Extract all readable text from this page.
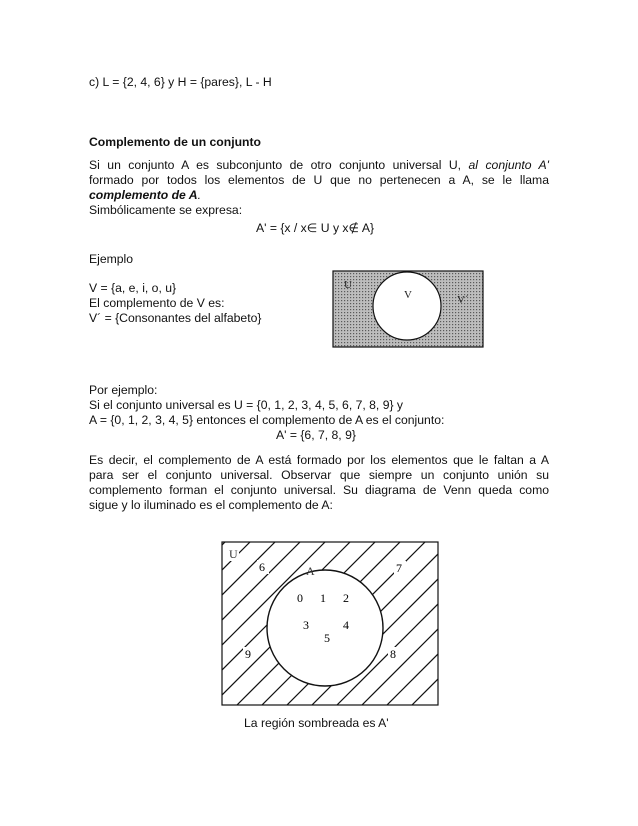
c) L = {2, 4, 6} y H = {pares}, L - H
Complemento de un conjunto
Si un conjunto A es subconjunto de otro conjunto universal U, al conjunto A'
formado por todos los elementos de U que no pertenecen a A, se le llama
complemento de A.
Simbólicamente se expresa:
A' = {x / x∈ U y x∉ A}
Ejemplo
V = {a, e, i, o, u}
El complemento de V es:
V´ = {Consonantes del alfabeto}
U
V	V´
Por ejemplo:
Si el conjunto universal es U = {0, 1, 2, 3, 4, 5, 6, 7, 8, 9} y
A = {0, 1, 2, 3, 4, 5} entonces el complemento de A es el conjunto:
A' = {6, 7, 8, 9}
Es decir, el complemento de A está formado por los elementos que le faltan a A
para ser el conjunto universal. Observar que siempre un conjunto unión su
complemento forman el conjunto universal. Su diagrama de Venn queda como
sigue y lo iluminado es el complemento de A:
U
A
0 1 2
3	4
5
6	7
9	8
La región sombreada es A'
